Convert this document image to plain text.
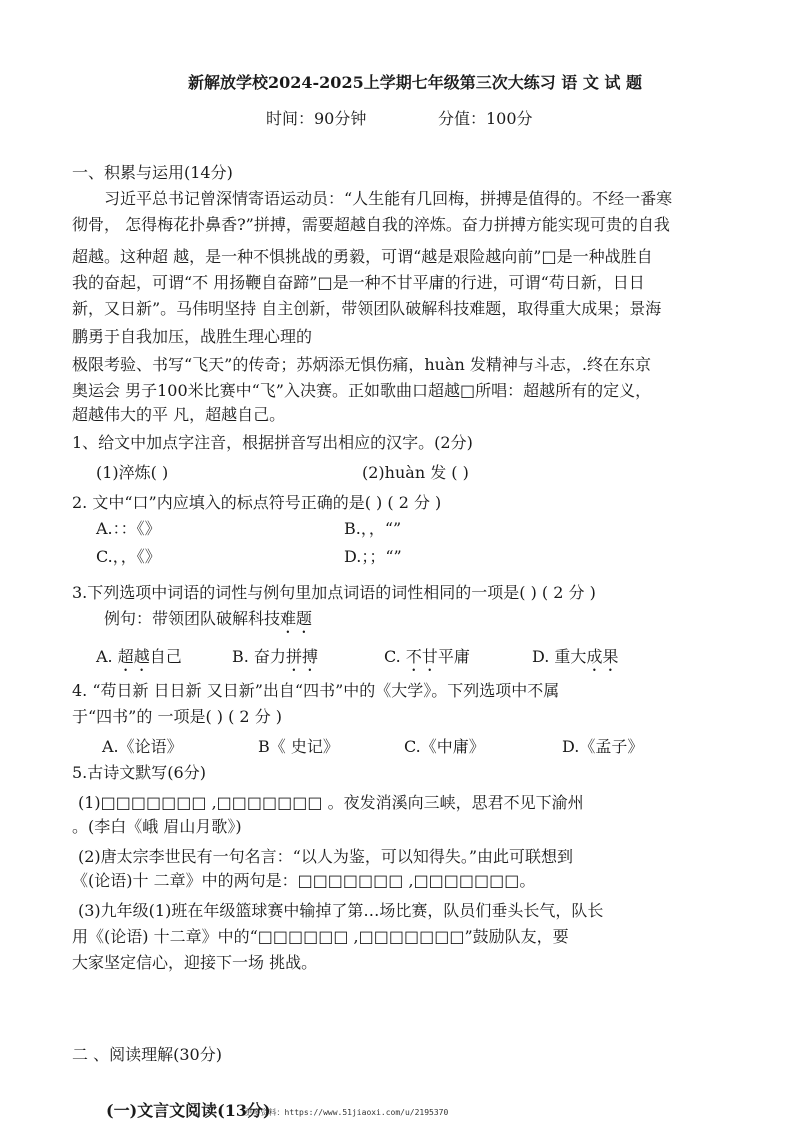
新解放学校2024-2025上学期七年级第三次大练习 语 文 试 题
时间：90分钟	分值：100分
一、积累与运用(14分)
习近平总书记曾深情寄语运动员：“人生能有几回梅，拼搏是值得的。不经一番寒
彻骨， 怎得梅花扑鼻香?”拼搏，需要超越自我的淬炼。奋力拼搏方能实现可贵的自我
超越。这种超 越，是一种不惧挑战的勇毅，可谓“越是艰险越向前”□是一种战胜自
我的奋起，可谓“不 用扬鞭自奋蹄”□是一种不甘平庸的行进，可谓“苟日新，日日
新，又日新”。马伟明坚持 自主创新，带领团队破解科技难题，取得重大成果；景海
鹏勇于自我加压，战胜生理心理的
极限考验、书写“飞天”的传奇；苏炳添无惧伤痛，huàn 发精神与斗志，.终在东京
奥运会 男子100米比赛中“飞”入决赛。正如歌曲口超越□所唱：超越所有的定义，
超越伟大的平 凡，超越自己。
1、给文中加点字注音，根据拼音写出相应的汉字。(2分)
(1)淬炼( )	(2)huàn 发 ( )
2. 文中“口”内应填入的标点符号正确的是( ) ( 2 分 )
A.：：《》	B.，，“”
C.，，《》	D.；；“”
3.下列选项中词语的词性与例句里加点词语的词性相同的一项是( ) ( 2 分 )
例句：带领团队破解科技难题
A. 超越自己	B. 奋力拼搏	C. 不甘平庸	D. 重大成果
4. “苟日新 日日新 又日新”出自“四书”中的《大学》。下列选项中不属
于“四书”的 一项是( ) ( 2 分 )
A.《论语》	B《 史记》	C.《中庸》	D.《孟子》
5.古诗文默写(6分)
(1)□□□□□□□ ,□□□□□□□ 。夜发消溪向三峡，思君不见下渝州
。(李白《峨 眉山月歌》)
(2)唐太宗李世民有一句名言：“以人为鉴，可以知得失。”由此可联想到
《(论语)十 二章》中的两句是：□□□□□□□ ,□□□□□□□。
(3)九年级(1)班在年级篮球赛中输掉了第…场比赛，队员们垂头长气，队长
用《(论语) 十二章》中的“□□□□□□ ,□□□□□□□”鼓励队友，要
大家坚定信心，迎接下一场 挑战。
二 、阅读理解(30分)
(一)文言文阅读(13分)更多资料：https://www.51jiaoxi.com/u/2195370
